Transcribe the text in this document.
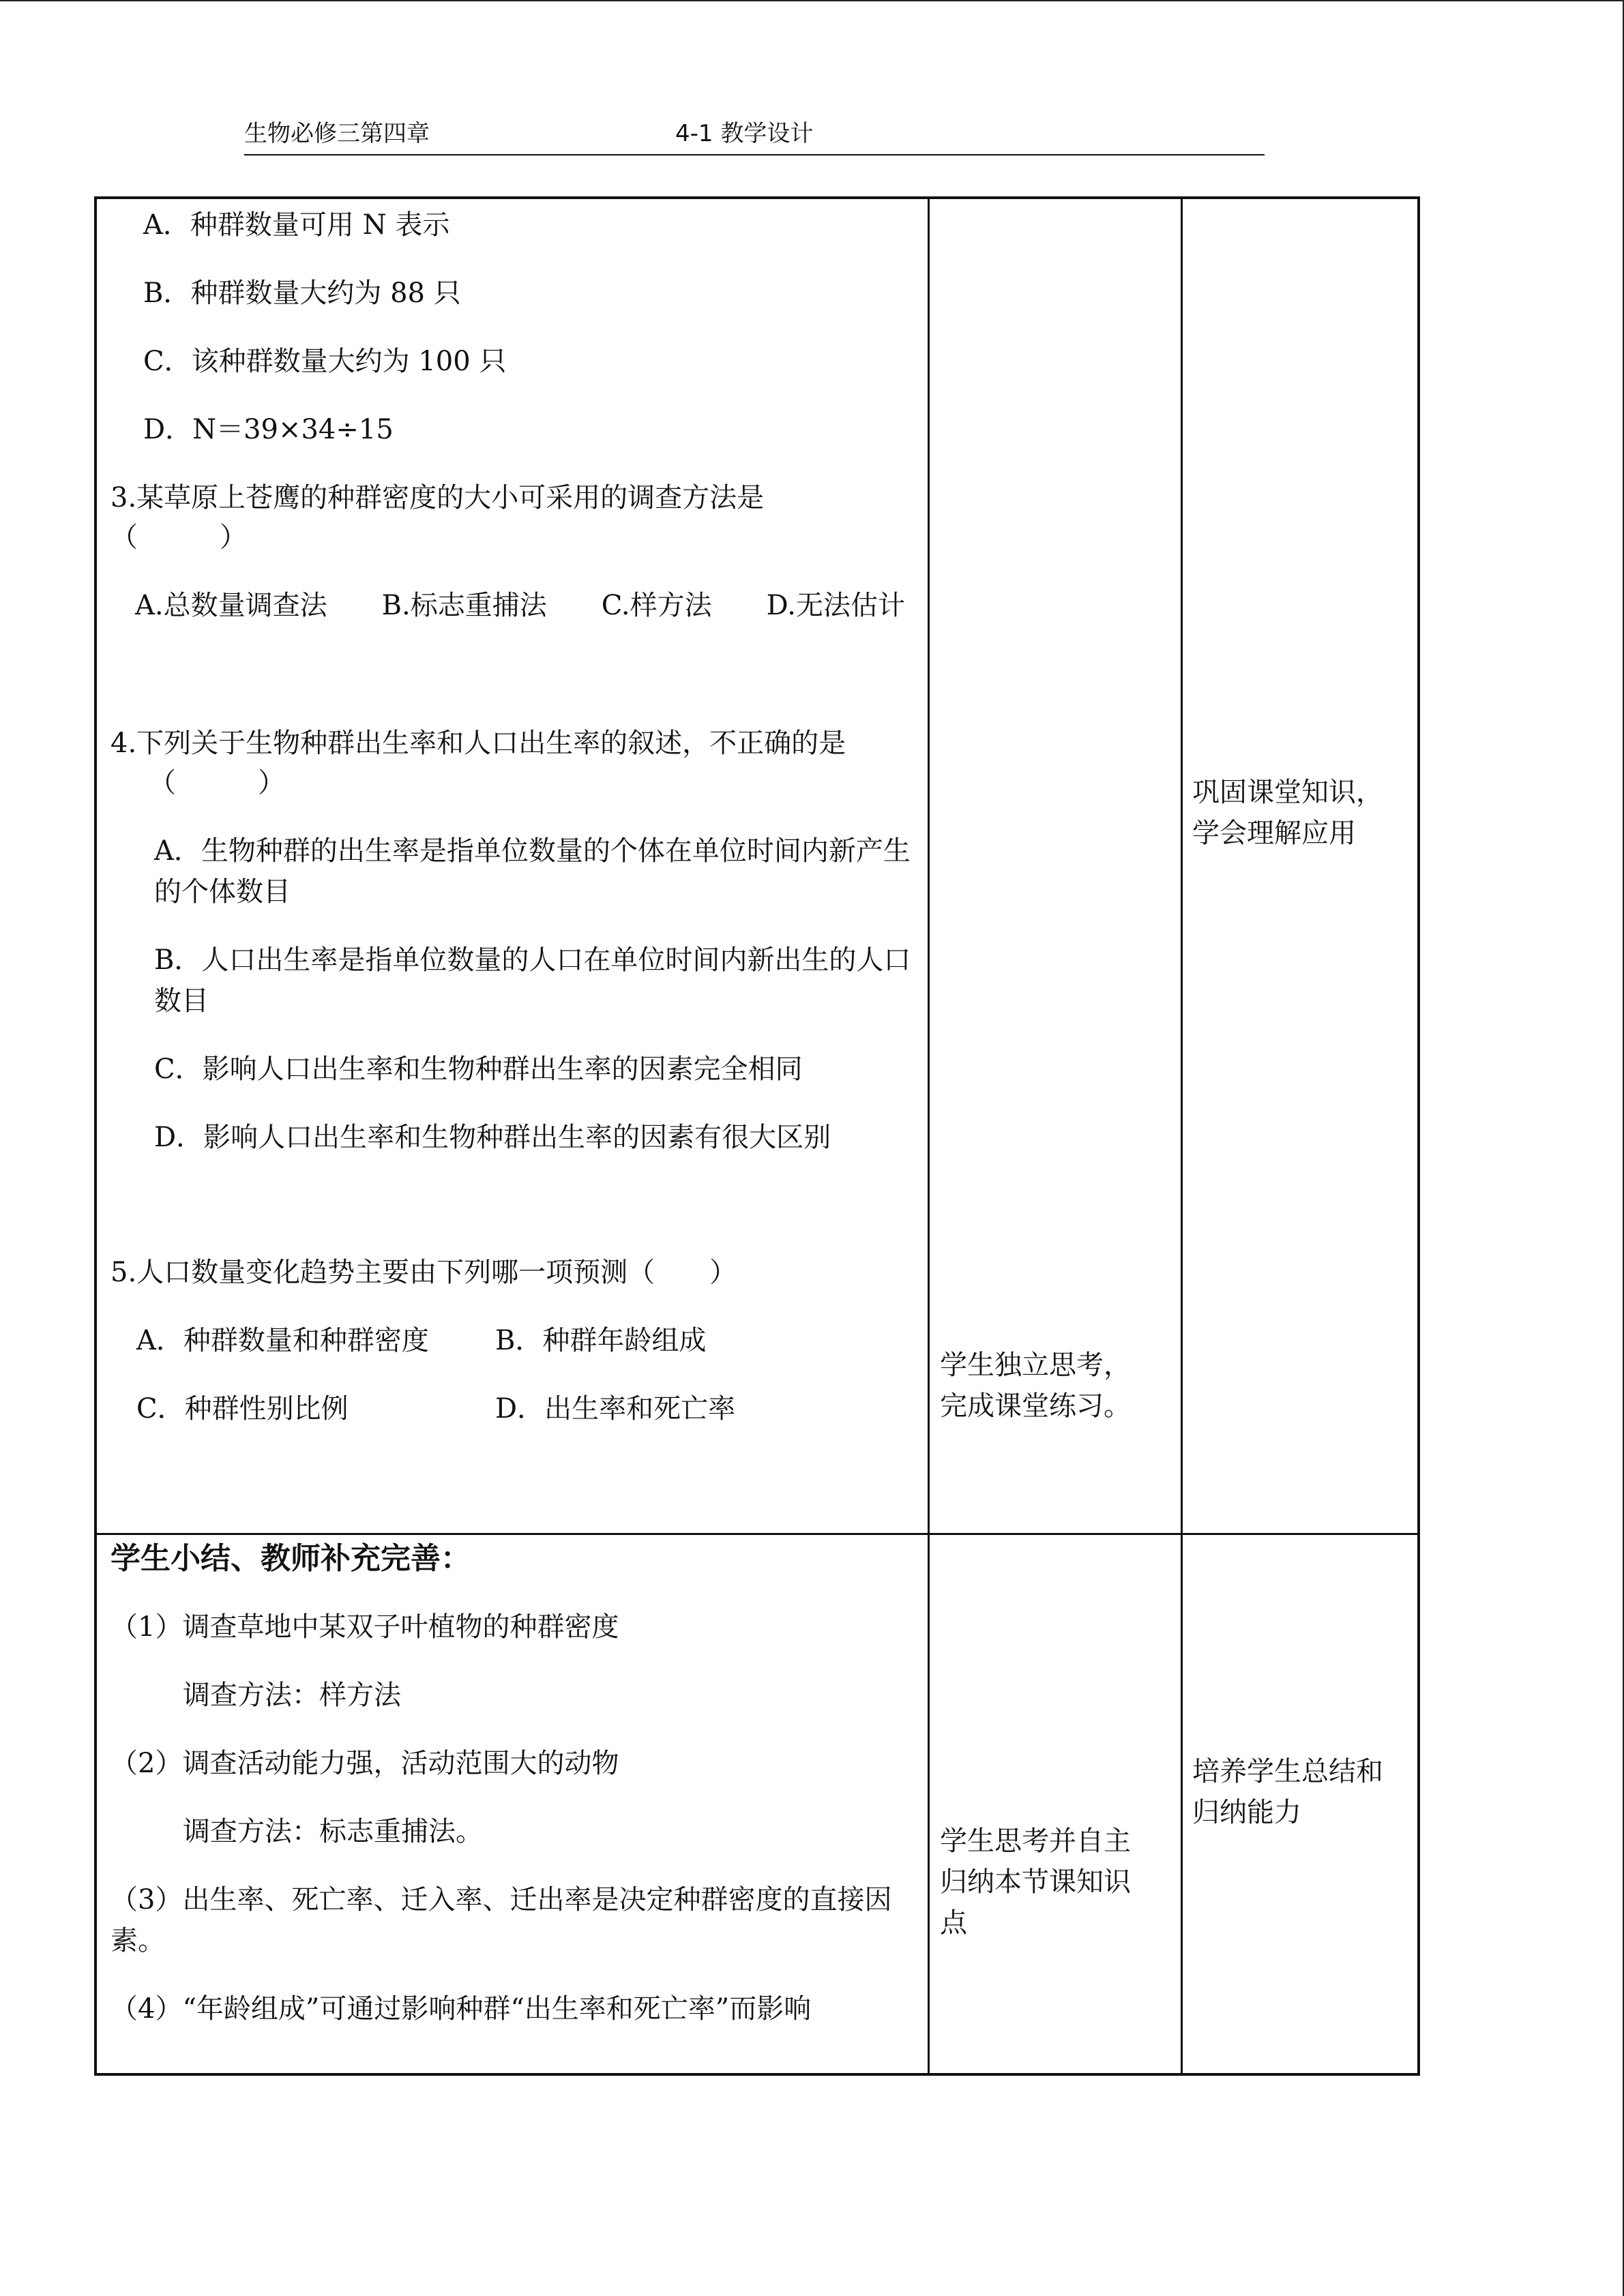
生物必修三第四章	4-1 教学设计
A．种群数量可用 N 表示
B．种群数量大约为 88 只
C．该种群数量大约为 100 只
D．N＝39×34÷15
3.某草原上苍鹰的种群密度的大小可采用的调查方法是
（　　　）
A.总数量调查法　　B.标志重捕法　　C.样方法　　D.无法估计
4.下列关于生物种群出生率和人口出生率的叙述，不正确的是
（　　　）
A．生物种群的出生率是指单位数量的个体在单位时间内新产生的个体数目
B．人口出生率是指单位数量的人口在单位时间内新出生的人口数目
C．影响人口出生率和生物种群出生率的因素完全相同
D．影响人口出生率和生物种群出生率的因素有很大区别
5.人口数量变化趋势主要由下列哪一项预测（　　）
A．种群数量和种群密度 B．种群年龄组成
C．种群性别比例	D．出生率和死亡率
学生独立思考，完成课堂练习。
巩固课堂知识，学会理解应用
学生小结、教师补充完善：
（1）调查草地中某双子叶植物的种群密度
调查方法：样方法
（2）调查活动能力强，活动范围大的动物
调查方法：标志重捕法。
（3）出生率、死亡率、迁入率、迁出率是决定种群密度的直接因素。
（4）“年龄组成”可通过影响种群“出生率和死亡率”而影响
学生思考并自主归纳本节课知识点
培养学生总结和归纳能力
